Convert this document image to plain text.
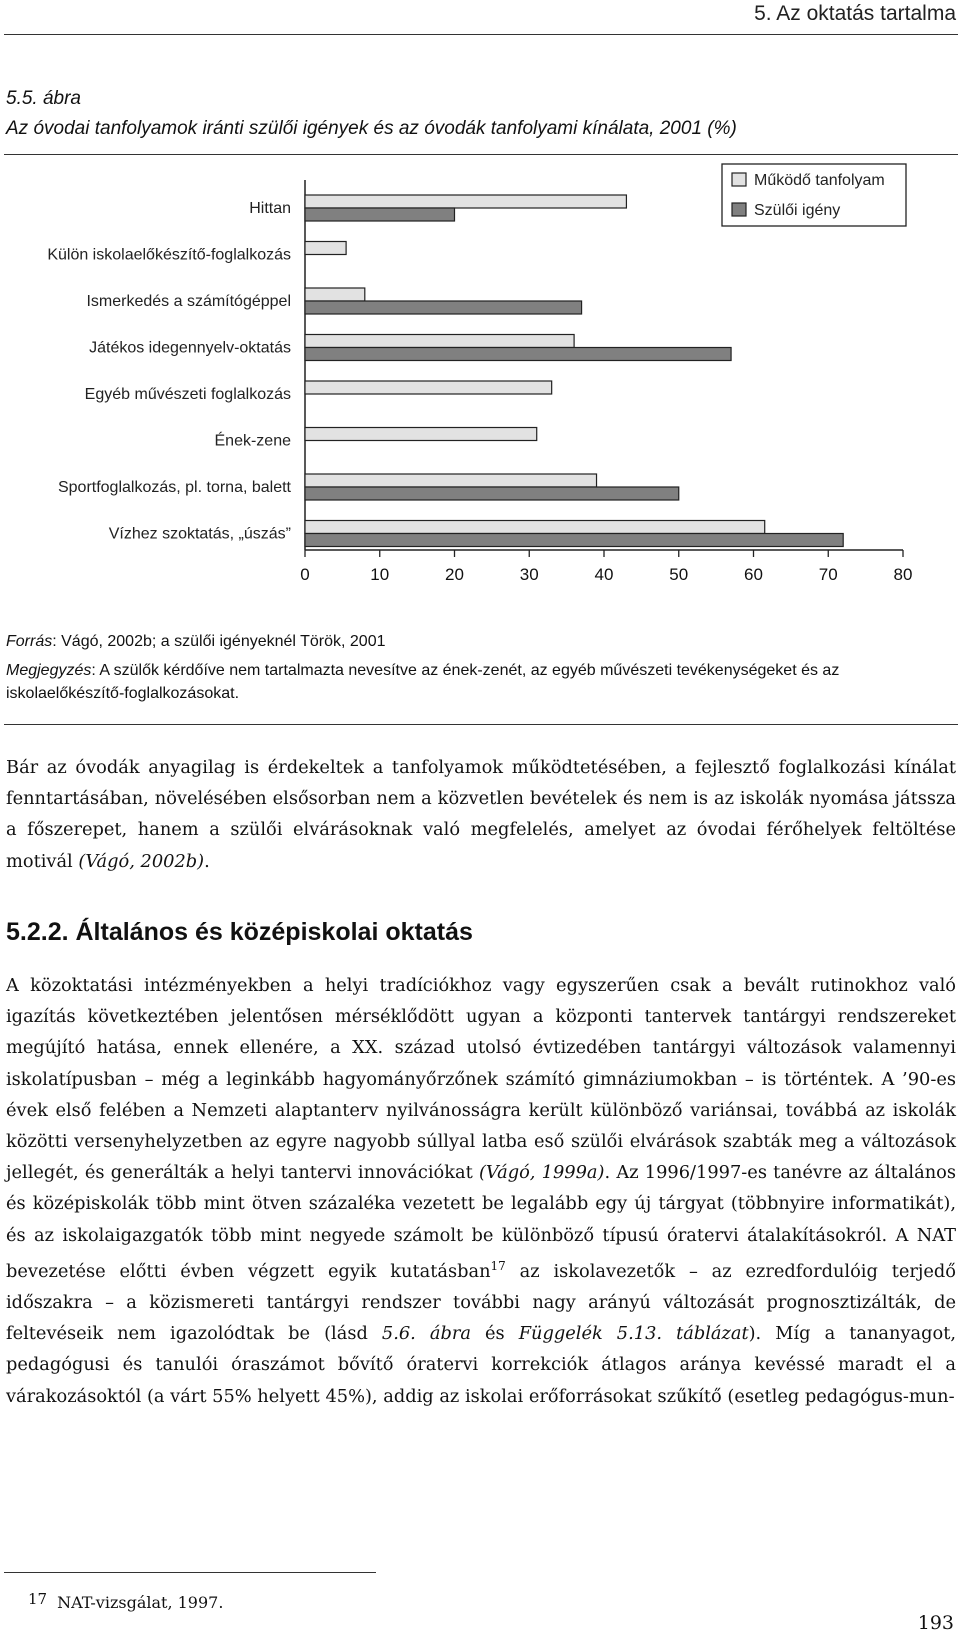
5. Az oktatás tartalma
5.5. ábra
Az óvodai tanfolyamok iránti szülői igények és az óvodák tanfolyami kínálata, 2001 (%)
0	10	20	30	40	50	60	70	80
Hittan
Külön iskolaelőkészítő-foglalkozás
Ismerkedés a számítógéppel
Játékos idegennyelv-oktatás
Egyéb művészeti foglalkozás
Ének-zene
Sportfoglalkozás, pl. torna, balett
Vízhez szoktatás, „úszás”
Működő tanfolyam
Szülői igény
Forrás: Vágó, 2002b; a szülői igényeknél Török, 2001
Megjegyzés: A szülők kérdőíve nem tartalmazta nevesítve az ének-zenét, az egyéb művészeti tevékenységeket és az iskolaelőkészítő-foglalkozásokat.
Bár az óvodák anyagilag is érdekeltek a tanfolyamok működtetésében, a fejlesztő foglalkozási kínálat fenntartásában, növelésében elsősorban nem a közvetlen bevételek és nem is az iskolák nyomása játssza a főszerepet, hanem a szülői elvárásoknak való megfelelés, amelyet az óvodai férőhelyek feltöltése motivál (Vágó, 2002b).
5.2.2. Általános és középiskolai oktatás
A közoktatási intézményekben a helyi tradíciókhoz vagy egyszerűen csak a bevált rutinokhoz való igazítás következtében jelentősen mérséklődött ugyan a központi tantervek tantárgyi rendszereket megújító hatása, ennek ellenére, a XX. század utolsó évtizedében tantárgyi változások valamennyi iskolatípusban – még a leginkább hagyományőrzőnek számító gimnáziumokban – is történtek. A ’90-es évek első felében a Nemzeti alaptanterv nyilvánosságra került különböző variánsai, továbbá az iskolák közötti versenyhelyzetben az egyre nagyobb súllyal latba eső szülői elvárások szabták meg a változások jellegét, és generálták a helyi tantervi innovációkat (Vágó, 1999a). Az 1996/1997-es tanévre az általános és középiskolák több mint ötven százaléka vezetett be legalább egy új tárgyat (többnyire informatikát), és az iskolaigazgatók több mint negyede számolt be különböző típusú óratervi átalakításokról. A NAT bevezetése előtti évben végzett egyik kutatásban$^{17}$ az iskolavezetők – az ezredfordulóig terjedő időszakra – a közismereti tantárgyi rendszer további nagy arányú változását prognosztizálták, de feltevéseik nem igazolódtak be (lásd 5.6. ábra és Függelék 5.13. táblázat). Míg a tananyagot, pedagógusi és tanulói óraszámot bővítő óratervi korrekciók átlagos aránya kevéssé maradt el a várakozásoktól (a várt 55% helyett 45%), addig az iskolai erőforrásokat szűkítő (esetleg pedagógus-mun-
$^{17}$ NAT-vizsgálat, 1997.
193
